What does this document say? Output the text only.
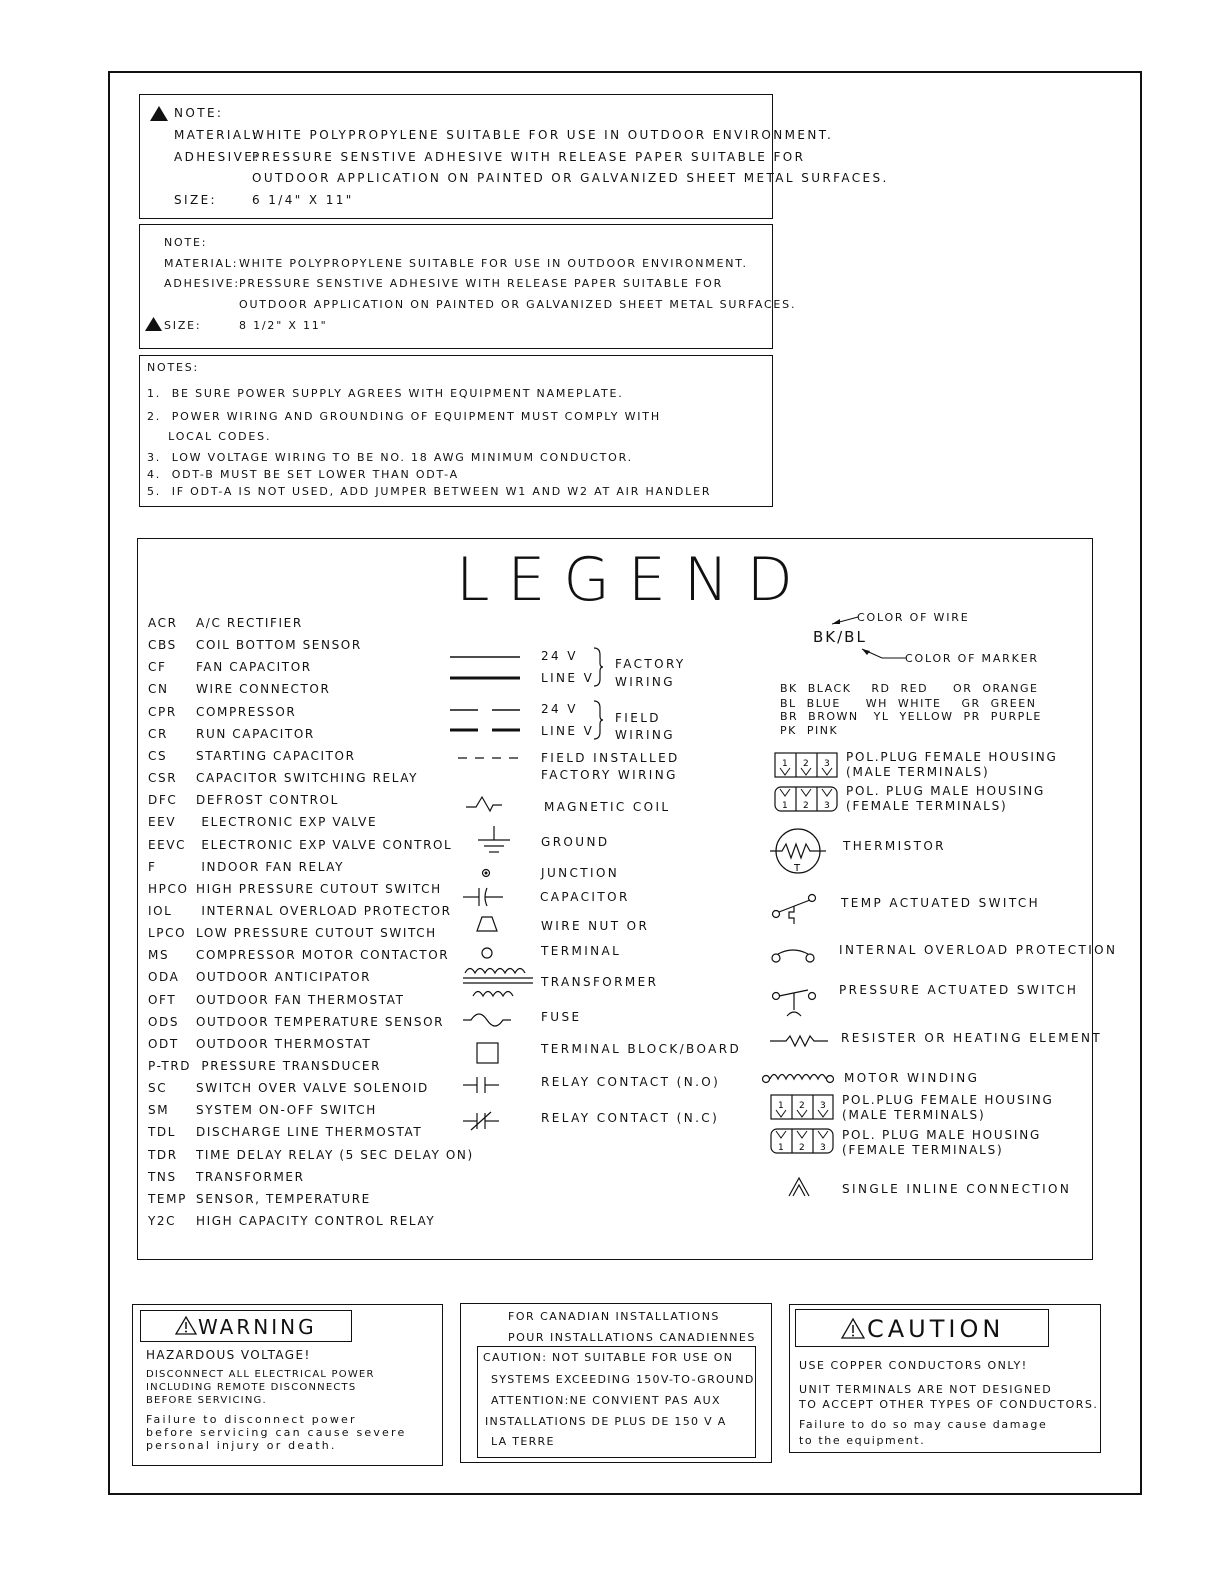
NOTE:
MATERIAL:
WHITE POLYPROPYLENE SUITABLE FOR USE IN OUTDOOR ENVIRONMENT.
ADHESIVE:
PRESSURE SENSTIVE ADHESIVE WITH RELEASE PAPER SUITABLE FOR
OUTDOOR APPLICATION ON PAINTED OR GALVANIZED SHEET METAL SURFACES.
SIZE:	6 1/4" X 11"
NOTE:
MATERIAL: WHITE POLYPROPYLENE SUITABLE FOR USE IN OUTDOOR ENVIRONMENT.
ADHESIVE: PRESSURE SENSTIVE ADHESIVE WITH RELEASE PAPER SUITABLE FOR
OUTDOOR APPLICATION ON PAINTED OR GALVANIZED SHEET METAL SURFACES.
SIZE:	8 1/2" X 11"
NOTES:
1.  BE SURE POWER SUPPLY AGREES WITH EQUIPMENT NAMEPLATE.
2.  POWER WIRING AND GROUNDING OF EQUIPMENT MUST COMPLY WITH
LOCAL CODES.
3.  LOW VOLTAGE WIRING TO BE NO. 18 AWG MINIMUM CONDUCTOR.
4.  ODT-B MUST BE SET LOWER THAN ODT-A
5.  IF ODT-A IS NOT USED, ADD JUMPER BETWEEN W1 AND W2 AT AIR HANDLER
LEGEND
ACR A/C RECTIFIER
CBS COIL BOTTOM SENSOR
CF FAN CAPACITOR
CN WIRE CONNECTOR
CPR COMPRESSOR
CR RUN CAPACITOR
CS STARTING CAPACITOR
CSR CAPACITOR SWITCHING RELAY
DFC DEFROST CONTROL
EEV ELECTRONIC EXP VALVE
EEVC ELECTRONIC EXP VALVE CONTROL
F	INDOOR FAN RELAY
HPCO HIGH PRESSURE CUTOUT SWITCH
IOL INTERNAL OVERLOAD PROTECTOR
LPCO LOW PRESSURE CUTOUT SWITCH
MS COMPRESSOR MOTOR CONTACTOR
ODA OUTDOOR ANTICIPATOR
OFT OUTDOOR FAN THERMOSTAT
ODS OUTDOOR TEMPERATURE SENSOR
ODT OUTDOOR THERMOSTAT
P-TRD PRESSURE TRANSDUCER
SC SWITCH OVER VALVE SOLENOID
SM SYSTEM ON-OFF SWITCH
TDL DISCHARGE LINE THERMOSTAT
TDR TIME DELAY RELAY (5 SEC DELAY ON)
TNS TRANSFORMER
TEMP SENSOR, TEMPERATURE
Y2C HIGH CAPACITY CONTROL RELAY
24 V
LINE V
FACTORY
WIRING
24 V
LINE V
FIELD
WIRING
FIELD INSTALLED
FACTORY WIRING
MAGNETIC COIL
GROUND
JUNCTION
CAPACITOR
WIRE NUT OR
TERMINAL
TRANSFORMER
FUSE
TERMINAL BLOCK/BOARD
RELAY CONTACT (N.O)
RELAY CONTACT (N.C)
COLOR OF WIRE
BK/BL
COLOR OF MARKER
BK  BLACK    RD  RED     OR  ORANGE
BL  BLUE     WH  WHITE    GR  GREEN
BR  BROWN   YL  YELLOW  PR  PURPLE
PK  PINK
1 2 3 POL.PLUG FEMALE HOUSING
(MALE TERMINALS)
1 2 3
POL. PLUG MALE HOUSING
(FEMALE TERMINALS)
T
THERMISTOR
TEMP ACTUATED SWITCH
INTERNAL OVERLOAD PROTECTION
PRESSURE ACTUATED SWITCH
RESISTER OR HEATING ELEMENT
MOTOR WINDING
1 2 3 POL.PLUG FEMALE HOUSING
(MALE TERMINALS)
1 2 3
POL. PLUG MALE HOUSING
(FEMALE TERMINALS)
SINGLE INLINE CONNECTION
WARNING
HAZARDOUS VOLTAGE!
DISCONNECT ALL ELECTRICAL POWER
INCLUDING REMOTE DISCONNECTS
BEFORE SERVICING.
Failure to disconnect power
before servicing can cause severe
personal injury or death.
FOR CANADIAN INSTALLATIONS
POUR INSTALLATIONS CANADIENNES
CAUTION: NOT SUITABLE FOR USE ON
SYSTEMS EXCEEDING 150V-TO-GROUND
ATTENTION:NE CONVIENT PAS AUX
INSTALLATIONS DE PLUS DE 150 V A
LA TERRE
CAUTION
USE COPPER CONDUCTORS ONLY!
UNIT TERMINALS ARE NOT DESIGNED
TO ACCEPT OTHER TYPES OF CONDUCTORS.
Failure to do so may cause damage
to the equipment.
